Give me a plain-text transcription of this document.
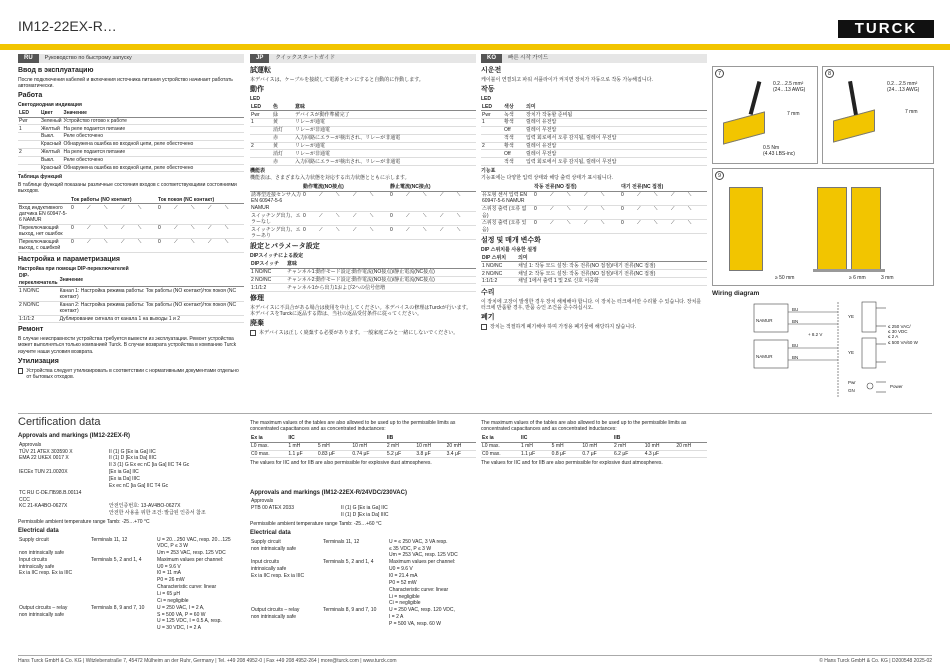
IM12-22EX-R…	TURCK
RU	Руководство по быстрому запуску
Ввод в эксплуатацию

После подключения кабелей и включения источника питания устройство начинает работать автоматически.

Работа
Светодиодная индикация
LED	Цвет	Значение
Pwr	Зеленый	Устройство готово к работе
1	Желтый	На реле подается питание
	Выкл.	Реле обесточено
	Красный	Обнаружена ошибка во входной цепи, реле обесточено
2	Желтый	На реле подается питание
	Выкл.	Реле обесточено
	Красный	Обнаружена ошибка во входной цепи, реле обесточено
Таблица функций

В таблице функций показаны различные состояния входов с соответствующими состояниями выходов.

	Ток работы (NO контакт)	Ток покоя (NC контакт)
Вход индуктивного датчика EN 60947-5-6 NAMUR	0 ⟋ ⟍ ⟋ ⟍	0 ⟋ ⟍ ⟋ ⟍
Переключающий выход, нет ошибок	0 ⟋ ⟍ ⟋ ⟍	0 ⟋ ⟍ ⟋ ⟍
Переключающий выход, с ошибкой	0 ⟋ ⟍ ⟋ ⟍	0 ⟋ ⟍ ⟋ ⟍
Настройка и параметризация
Настройка при помощи DIP-переключателей
DIP-переключатель	Значение
1 NO/NC	Канал 1: Настройка режима работы: Ток работы (NO контакт)/ток покоя (NC контакт)
2 NO/NC	Канал 2: Настройка режима работы: Ток работы (NO контакт)/ток покоя (NC контакт)
1:1/1:2	Дублирование сигнала от канала 1 на выходы 1 и 2
Ремонт

В случае неисправности устройства требуется вывести из эксплуатации. Ремонт устройства может выполняться только компанией Turck. В случае возврата устройства в компанию Turck изучите наши условия возврата.

Утилизация

Устройства следует утилизировать в соответствии с нормативными документами отдельно от бытовых отходов.

JP	クイックスタートガイド
試運転

本デバイスは、ケーブルを接続して電源をオンにすると自動的に作動します。

動作
LED
LED	色	意味
Pwr	緑	デバイスが動作準備完了
1	黄	リレーが通電
	消灯	リレーが非通電
	赤	入力回路にエラーが検出され、リレーが非通電
2	黄	リレーが通電
	消灯	リレーが非通電
	赤	入力回路にエラーが検出され、リレーが非通電
機能表

機能表は、さまざまな入力状態を対応する出力状態とともに示します。

	動作電流(NO接点)	静止電流(NC接点)
誘導型近接センサ入力 EN 60947-5-6 NAMUR	0 ⟋ ⟍ ⟋ ⟍	0 ⟋ ⟍ ⟋ ⟍
スイッチング出力、エラーなし	0 ⟋ ⟍ ⟋ ⟍	0 ⟋ ⟍ ⟋ ⟍
スイッチング出力、エラーあり	0 ⟋ ⟍ ⟋ ⟍	0 ⟋ ⟍ ⟋ ⟍
設定とパラメータ設定
DIPスイッチによる設定
DIPスイッチ	意味
1 NO/NC	チャンネル1:動作モード設定:動作電流(NO接点)/静止電流(NC接点)
2 NO/NC	チャンネル2:動作モード設定:動作電流(NO接点)/静止電流(NC接点)
1:1/1:2	チャンネル1から出力1および2への信号倍増
修理

本デバイスに不具合がある場合は使用を中止してください。本デバイスの修理はTurckが行います。本デバイスをTurckに返品する際は、当社の返品受付条件に従ってください。

廃棄

本デバイスは正しく廃棄する必要があります。一般家庭ごみと一緒にしないでください。

KO	빠른 시작 가이드
시운전

케이블이 연결되고 파워 서플라이가 켜지면 장치가 자동으로 작동 가능해집니다.

작동
LED
LED	색상	의미
Pwr	녹색	장치가 작동할 준비됨
1	황색	릴레이 유전압
	Off	릴레이 무전압
	적색	입력 회로에서 오류 감지됨, 릴레이 무전압
2	황색	릴레이 유전압
	Off	릴레이 무전압
	적색	입력 회로에서 오류 감지됨, 릴레이 무전압
기능표

기능표에는 다양한 입력 상태와 해당 출력 상태가 표시됩니다.

	작동 전류(NO 접점)	대기 전류(NC 접점)
유도형 센서 입력 EN 60947-5-6 NAMUR	0 ⟋ ⟍ ⟋ ⟍	0 ⟋ ⟍ ⟋ ⟍
스위칭 출력 (오류 없음)	0 ⟋ ⟍ ⟋ ⟍	0 ⟋ ⟍ ⟋ ⟍
스위칭 출력 (오류 있음)	0 ⟋ ⟍ ⟋ ⟍	0 ⟋ ⟍ ⟋ ⟍
설정 및 매개 변수화
DIP 스위치를 사용한 설정
DIP 스위치	의미
1 NO/NC	채널 1: 작동 모드 설정: 작동 전류(NO 접점)/대기 전류(NC 접점)
2 NO/NC	채널 2: 작동 모드 설정: 작동 전류(NO 접점)/대기 전류(NC 접점)
1:1/1:2	채널 1에서 출력 1 및 2로 신호 이중화
수리

이 장치에 고장이 발생한 경우 장치 해체해야 합니다. 이 장치는 터크에서만 수리할 수 있습니다. 장치를 터크에 반품할 경우, 반품 승인 조건을 준수하십시오.

폐기

장치는 적절하게 폐기해야 하며 가정용 폐기물에 해당하지 않습니다.

7
0.2…2.5 mm²
(24…13 AWG)
7 mm
0.5 Nm
(4.43 LBS-inc)
8
0.2…2.5 mm²
(24…13 AWG)
7 mm
9
≥ 50 mm	≥ 6 mm	3 mm
Wiring diagram
NAMUR
NAMUR
BU
BN
BU
BN
+ 8.2 V
YE
YE
Pwr
GN
≤ 250 VAC/
≤ 30 VDC
≤ 2 A
≤ 500 VA/60 W
Power
Certification data
Approvals and markings (IM12-22EX-R)
Approvals	
TÜV 21 ATEX 303590 X	II (1) G [Ex ia Ga] IIC
EMA 22 UKEX 0017 X	II (1) D [Ex ia Da] IIIC
	II 3 (1) G Ex ec nC [ia Ga] IIC T4 Gc
IECEx TUN 21.0020X	[Ex ia Ga] IIC
	[Ex ia Da] IIIC
	Ex ec nC [ia Ga] IIC T4 Gc
TC RU C-DE.ПБ98.B.00114	
CCC	
KC 21-KA4BO-0627X	안전인증번호: 13-AV4BO-0627X
	안전한 사용을 위한 조건: 발급된 인증서 참조

Permissible ambient temperature range Tamb: -25…+70 °C

Electrical data
Supply circuit	Terminals 11, 12	U = 20…250 VAC, resp. 20…125 VDC, P ≤ 3 W
non intrinsically safe		Um = 253 VAC, resp. 125 VDC
Input circuits	Terminals 5, 2 and 1, 4	Maximum values per channel:
intrinsically safe		U0 = 9.6 V
Ex ia IIC resp. Ex ia IIIC		I0 = 11 mA
		P0 = 26 mW
		Characteristic curve: linear
		Li = 65 μH
		Ci = negligible
Output circuits – relay	Terminals 8, 9 and 7, 10	U = 250 VAC, I = 2 A,
non intrinsically safe		S = 500 VA, P = 60 W
		U = 125 VDC, I = 0.5 A, resp.
		U = 30 VDC, I = 2 A

The maximum values of the tables are also allowed to be used up to the permissible limits as concentrated capacitances and as concentrated inductances:

Ex ia	IIC			IIB		
L0 max.	1 mH	5 mH	10 mH	2 mH	10 mH	20 mH
C0 max.	1.1 μF	0.83 μF	0.74 μF	5.2 μF	3.8 μF	3.4 μF

The values for IIC and for IIB are also permissible for explosive dust atmospheres.

Approvals and markings (IM12-22EX-R/24VDC/230VAC)
Approvals	
PTB 00 ATEX 2033	II (1) G [Ex ia Ga] IIC
	II (1) D [Ex ia Da] IIIC

Permissible ambient temperature range Tamb: -25…+60 °C

Electrical data
Supply circuit	Terminals 11, 12	U = ≤ 250 VAC, 3 VA resp.
non intrinsically safe		≤ 35 VDC, P ≤ 3 W
		Um = 253 VAC, resp. 125 VDC
Input circuits	Terminals 5, 2 and 1, 4	Maximum values per channel:
intrinsically safe		U0 = 9.6 V
Ex ia IIC resp. Ex ia IIIC		I0 = 21.4 mA
		P0 = 52 mW
		Characteristic curve: linear
		Li = negligible
		Ci = negligible
Output circuits – relay	Terminals 8, 9 and 7, 10	U = 250 VAC, resp. 120 VDC,
non intrinsically safe		I = 2 A
		P = 500 VA, resp. 60 W

The maximum values of the tables are also allowed to be used up to the permissible limits as concentrated capacitances and as concentrated inductances:

Ex ia	IIC			IIB		
L0 max.	1 mH	5 mH	10 mH	2 mH	10 mH	20 mH
C0 max.	1.1 μF	0.8 μF	0.7 μF	6.2 μF	4.3 μF	

The values for IIC and for IIB are also permissible for explosive dust atmospheres.

Hans Turck GmbH & Co. KG | Witzlebenstraße 7, 45472 Mülheim an der Ruhr, Germany | Tel. +49 208 4952-0 | Fax +49 208 4952-264 | more@turck.com | www.turck.com	© Hans Turck GmbH & Co. KG | D200548 2025-02
